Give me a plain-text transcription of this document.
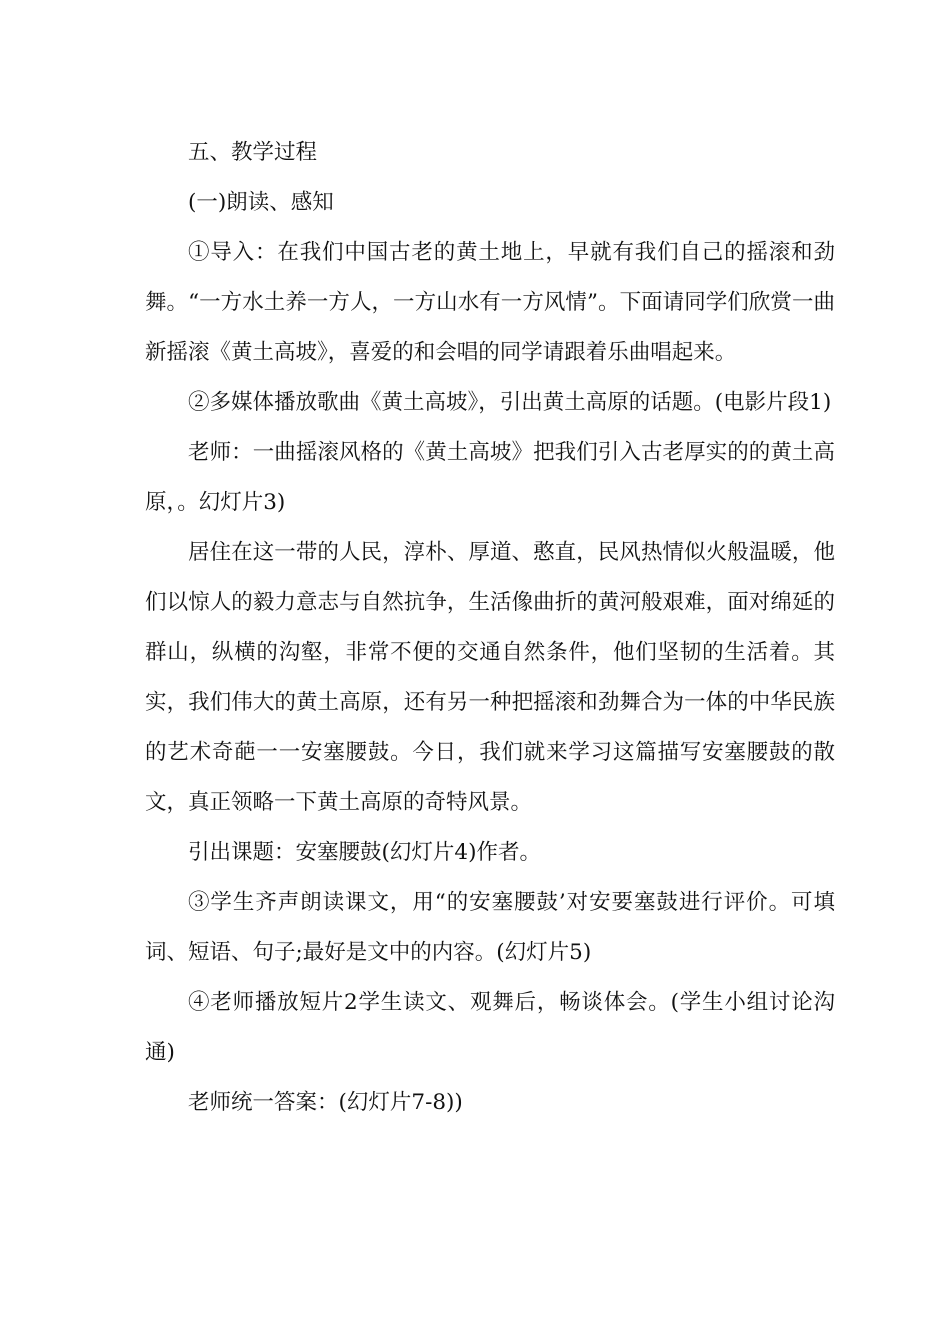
五、教学过程

(一)朗读、感知

①导入：在我们中国古老的黄土地上，早就有我们自己的摇滚和劲舞。“一方水土养一方人，一方山水有一方风情”。下面请同学们欣赏一曲新摇滚《黄土高坡》，喜爱的和会唱的同学请跟着乐曲唱起来。

②多媒体播放歌曲《黄土高坡》，引出黄土高原的话题。(电影片段1)

老师：一曲摇滚风格的《黄土高坡》把我们引入古老厚实的的黄土高原，。幻灯片3)

居住在这一带的人民，淳朴、厚道、憨直，民风热情似火般温暖，他们以惊人的毅力意志与自然抗争，生活像曲折的黄河般艰难，面对绵延的群山，纵横的沟壑，非常不便的交通自然条件，他们坚韧的生活着。其实，我们伟大的黄土高原，还有另一种把摇滚和劲舞合为一体的中华民族的艺术奇葩一一安塞腰鼓。今日，我们就来学习这篇描写安塞腰鼓的散文，真正领略一下黄土高原的奇特风景。

引出课题：安塞腰鼓(幻灯片4)作者。

③学生齐声朗读课文，用“的安塞腰鼓’对安要塞鼓进行评价。可填词、短语、句子;最好是文中的内容。(幻灯片5)

④老师播放短片2学生读文、观舞后，畅谈体会。(学生小组讨论沟通)

老师统一答案：(幻灯片7-8))
